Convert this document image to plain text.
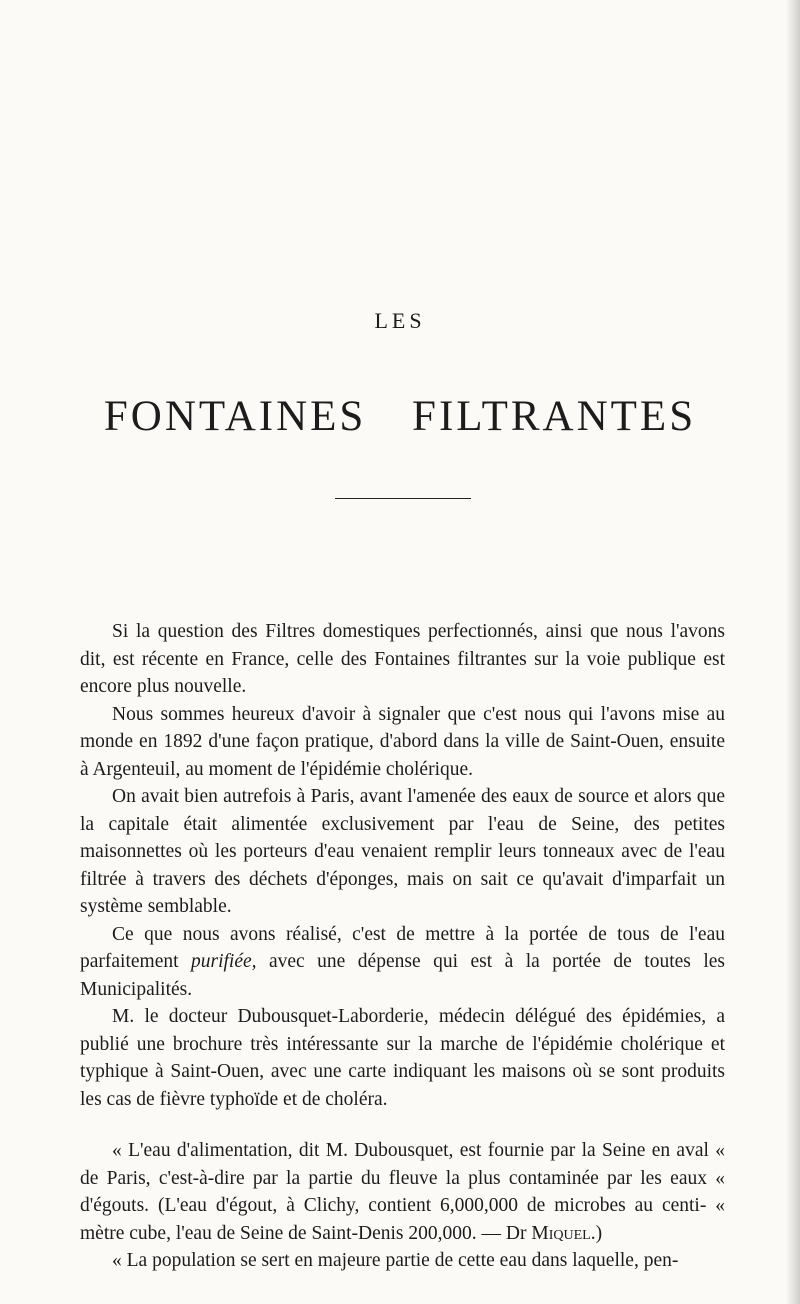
LES
FONTAINES FILTRANTES

Si la question des Filtres domestiques perfectionnés, ainsi que nous l'avons dit, est récente en France, celle des Fontaines filtrantes sur la voie publique est encore plus nouvelle.

Nous sommes heureux d'avoir à signaler que c'est nous qui l'avons mise au monde en 1892 d'une façon pratique, d'abord dans la ville de Saint-Ouen, ensuite à Argenteuil, au moment de l'épidémie cholérique.

On avait bien autrefois à Paris, avant l'amenée des eaux de source et alors que la capitale était alimentée exclusivement par l'eau de Seine, des petites maisonnettes où les porteurs d'eau venaient remplir leurs tonneaux avec de l'eau filtrée à travers des déchets d'éponges, mais on sait ce qu'avait d'imparfait un système semblable.

Ce que nous avons réalisé, c'est de mettre à la portée de tous de l'eau parfaitement purifiée, avec une dépense qui est à la portée de toutes les Municipalités.

M. le docteur Dubousquet-Laborderie, médecin délégué des épidémies, a publié une brochure très intéressante sur la marche de l'épidémie cholérique et typhique à Saint-Ouen, avec une carte indiquant les maisons où se sont produits les cas de fièvre typhoïde et de choléra.

« L'eau d'alimentation, dit M. Dubousquet, est fournie par la Seine en aval « de Paris, c'est-à-dire par la partie du fleuve la plus contaminée par les eaux « d'égouts. (L'eau d'égout, à Clichy, contient 6,000,000 de microbes au centi- « mètre cube, l'eau de Seine de Saint-Denis 200,000. — Dr Miquel.)

« La population se sert en majeure partie de cette eau dans laquelle, pen-
